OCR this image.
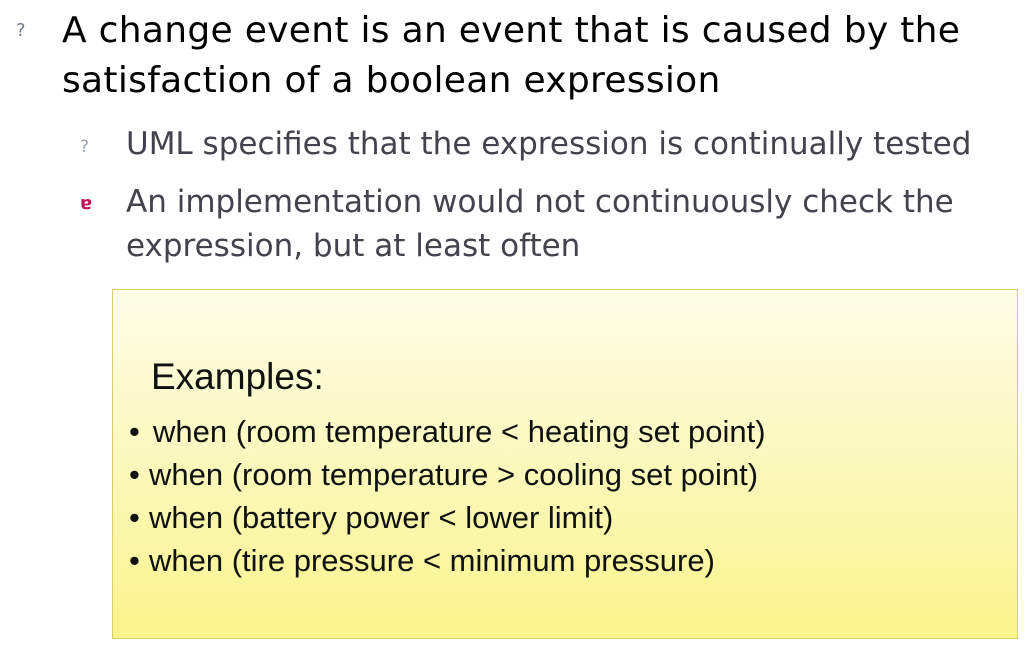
? A change event is an event that is caused by the satisfaction of a boolean expression
? UML specifies that the expression is continually tested
ɐ An implementation would not continuously check the expression, but at least often
Examples:
• when (room temperature < heating set point)
• when (room temperature > cooling set point)
• when (battery power < lower limit)
• when (tire pressure < minimum pressure)
